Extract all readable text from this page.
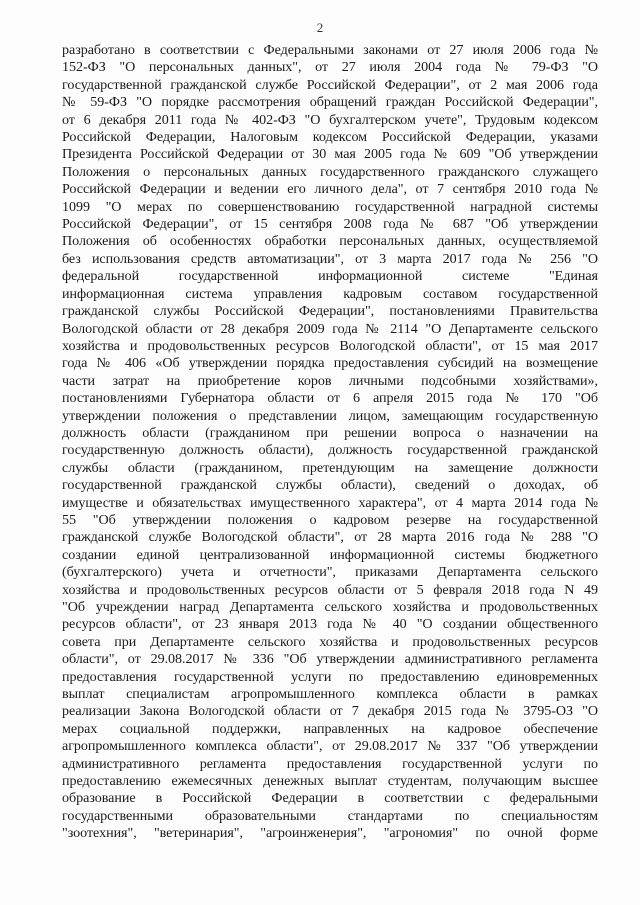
2
разработано в соответствии с Федеральными законами от 27 июля 2006 года №
152-ФЗ "О персональных данных", от 27 июля 2004 года № 79-ФЗ "О
государственной гражданской службе Российской Федерации", от 2 мая 2006 года
№ 59-ФЗ "О порядке рассмотрения обращений граждан Российской Федерации",
от 6 декабря 2011 года № 402-ФЗ "О бухгалтерском учете", Трудовым кодексом
Российской Федерации, Налоговым кодексом Российской Федерации, указами
Президента Российской Федерации от 30 мая 2005 года № 609 "Об утверждении
Положения о персональных данных государственного гражданского служащего
Российской Федерации и ведении его личного дела", от 7 сентября 2010 года №
1099 "О мерах по совершенствованию государственной наградной системы
Российской Федерации", от 15 сентября 2008 года № 687 "Об утверждении
Положения об особенностях обработки персональных данных, осуществляемой
без использования средств автоматизации", от 3 марта 2017 года № 256 "О
федеральной государственной информационной системе "Единая
информационная система управления кадровым составом государственной
гражданской службы Российской Федерации", постановлениями Правительства
Вологодской области от 28 декабря 2009 года № 2114 "О Департаменте сельского
хозяйства и продовольственных ресурсов Вологодской области", от 15 мая 2017
года № 406 «Об утверждении порядка предоставления субсидий на возмещение
части затрат на приобретение коров личными подсобными хозяйствами»,
постановлениями Губернатора области от 6 апреля 2015 года № 170 "Об
утверждении положения о представлении лицом, замещающим государственную
должность области (гражданином при решении вопроса о назначении на
государственную должность области), должность государственной гражданской
службы области (гражданином, претендующим на замещение должности
государственной гражданской службы области), сведений о доходах, об
имуществе и обязательствах имущественного характера", от 4 марта 2014 года №
55 "Об утверждении положения о кадровом резерве на государственной
гражданской службе Вологодской области", от 28 марта 2016 года № 288 "О
создании единой централизованной информационной системы бюджетного
(бухгалтерского) учета и отчетности", приказами Департамента сельского
хозяйства и продовольственных ресурсов области от 5 февраля 2018 года N 49
"Об учреждении наград Департамента сельского хозяйства и продовольственных
ресурсов области", от 23 января 2013 года № 40 "О создании общественного
совета при Департаменте сельского хозяйства и продовольственных ресурсов
области", от 29.08.2017 № 336 "Об утверждении административного регламента
предоставления государственной услуги по предоставлению единовременных
выплат специалистам агропромышленного комплекса области в рамках
реализации Закона Вологодской области от 7 декабря 2015 года № 3795-ОЗ "О
мерах социальной поддержки, направленных на кадровое обеспечение
агропромышленного комплекса области", от 29.08.2017 № 337 "Об утверждении
административного регламента предоставления государственной услуги по
предоставлению ежемесячных денежных выплат студентам, получающим высшее
образование в Российской Федерации в соответствии с федеральными
государственными образовательными стандартами по специальностям
"зоотехния", "ветеринария", "агроинженерия", "агрономия" по очной форме
